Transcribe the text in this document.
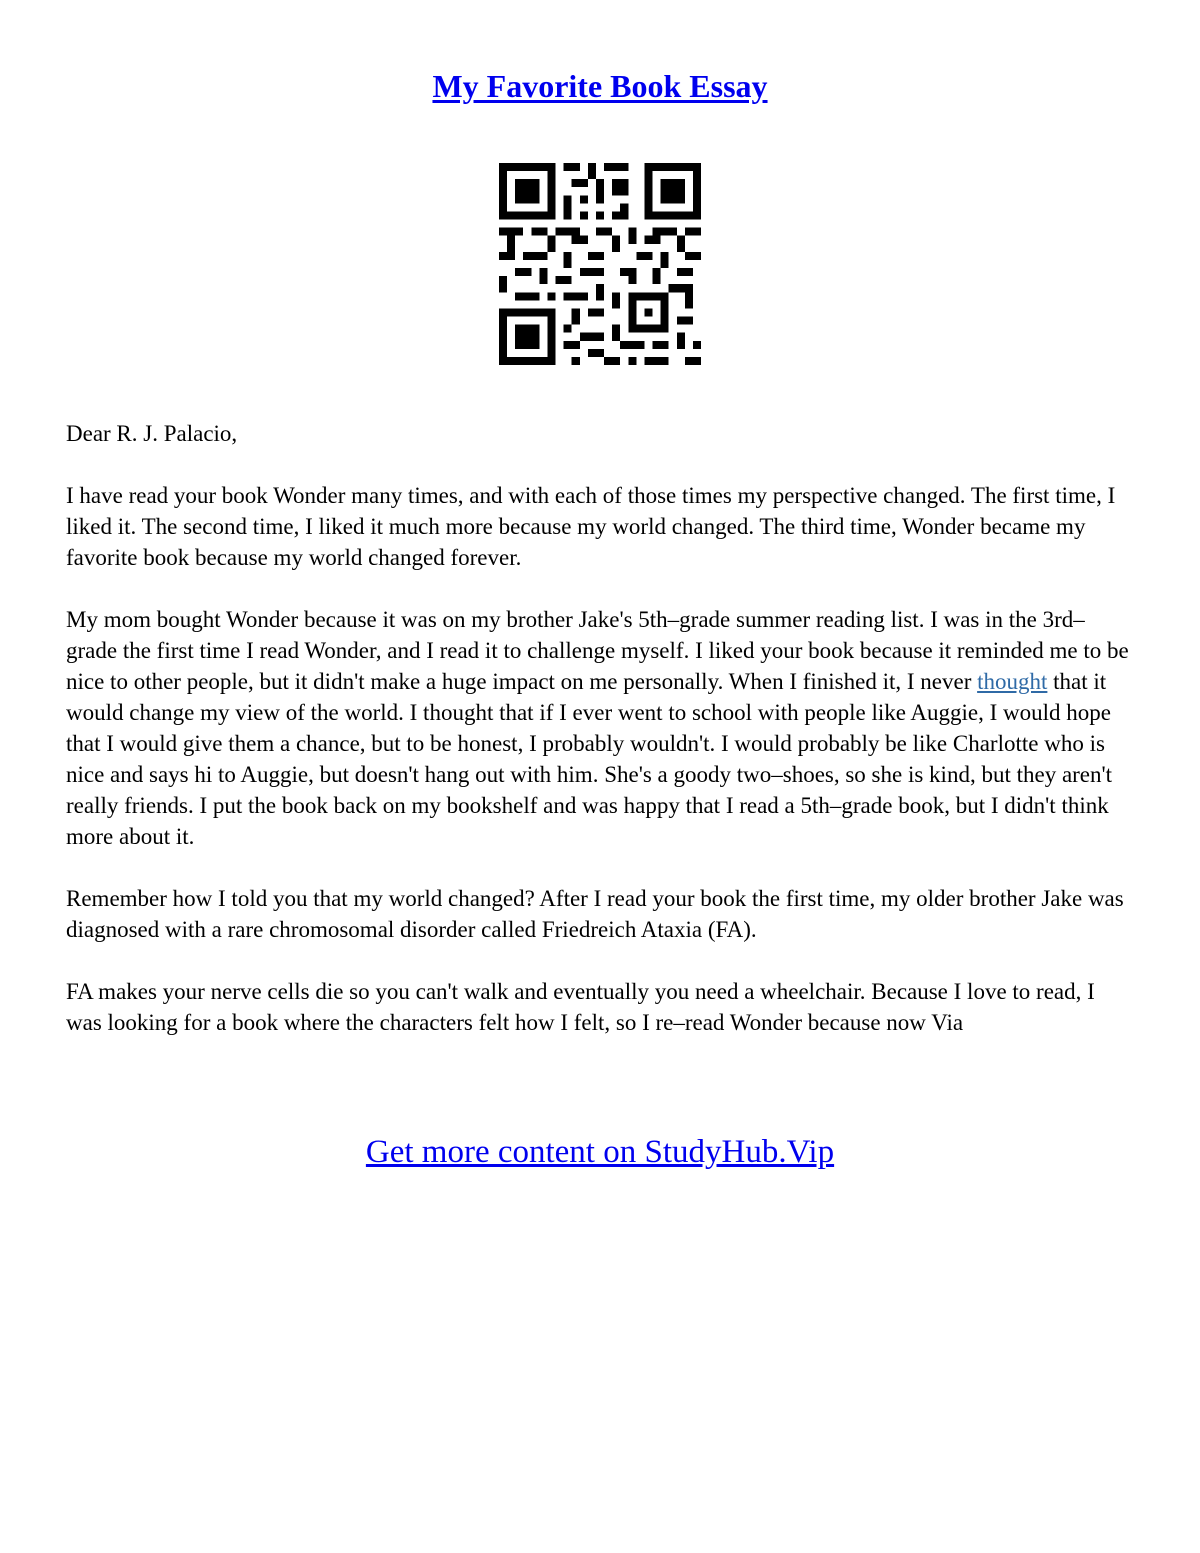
My Favorite Book Essay

Dear R. J. Palacio,

I have read your book Wonder many times, and with each of those times my perspective changed. The first time, I liked it. The second time, I liked it much more because my world changed. The third time, Wonder became my favorite book because my world changed forever.

My mom bought Wonder because it was on my brother Jake's 5th–grade summer reading list. I was in the 3rd–grade the first time I read Wonder, and I read it to challenge myself. I liked your book because it reminded me to be nice to other people, but it didn't make a huge impact on me personally. When I finished it, I never thought that it would change my view of the world. I thought that if I ever went to school with people like Auggie, I would hope that I would give them a chance, but to be honest, I probably wouldn't. I would probably be like Charlotte who is nice and says hi to Auggie, but doesn't hang out with him. She's a goody two–shoes, so she is kind, but they aren't really friends. I put the book back on my bookshelf and was happy that I read a 5th–grade book, but I didn't think more about it.

Remember how I told you that my world changed? After I read your book the first time, my older brother Jake was diagnosed with a rare chromosomal disorder called Friedreich Ataxia (FA).

FA makes your nerve cells die so you can't walk and eventually you need a wheelchair. Because I love to read, I was looking for a book where the characters felt how I felt, so I re–read Wonder because now Via

Get more content on StudyHub.Vip
